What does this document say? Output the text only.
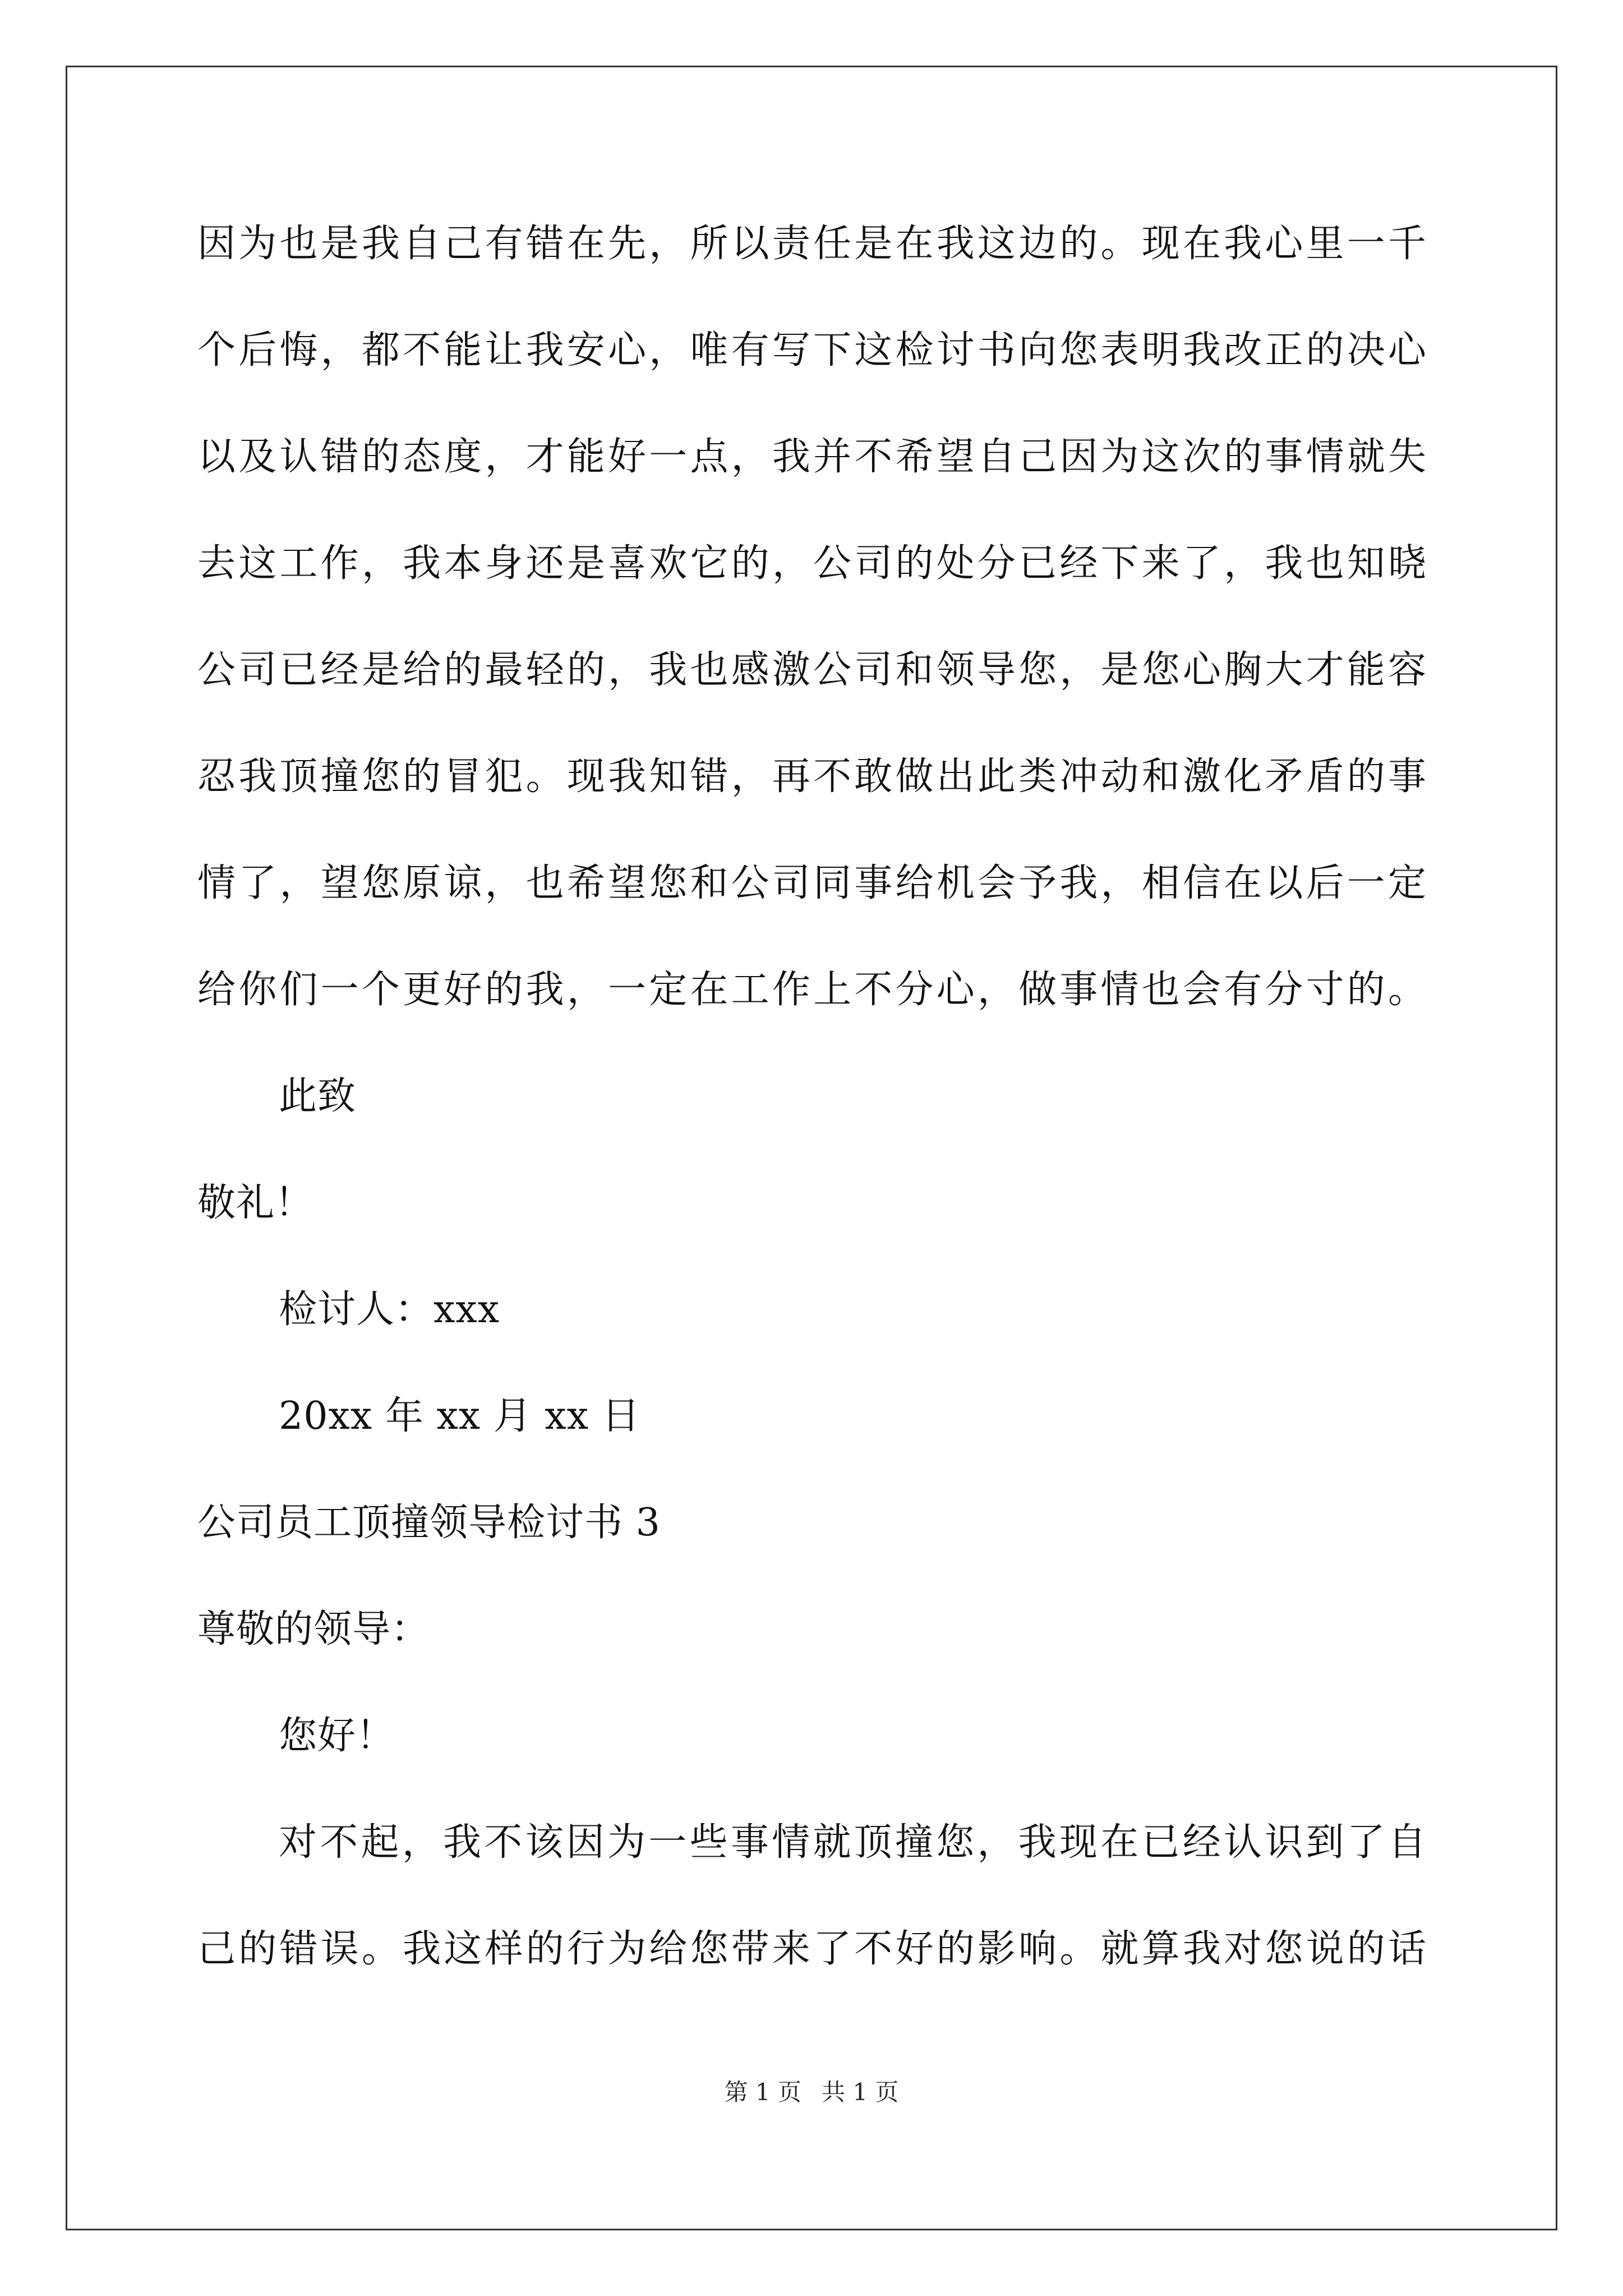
因为也是我自己有错在先，所以责任是在我这边的。现在我心里一千
个后悔，都不能让我安心，唯有写下这检讨书向您表明我改正的决心
以及认错的态度，才能好一点，我并不希望自己因为这次的事情就失
去这工作，我本身还是喜欢它的，公司的处分已经下来了，我也知晓
公司已经是给的最轻的，我也感激公司和领导您，是您心胸大才能容
忍我顶撞您的冒犯。现我知错，再不敢做出此类冲动和激化矛盾的事
情了，望您原谅，也希望您和公司同事给机会予我，相信在以后一定
给你们一个更好的我，一定在工作上不分心，做事情也会有分寸的。
此致
敬礼！
检讨人：xxx
20xx 年 xx 月 xx 日
公司员工顶撞领导检讨书 3
尊敬的领导：
您好！
对不起，我不该因为一些事情就顶撞您，我现在已经认识到了自
己的错误。我这样的行为给您带来了不好的影响。就算我对您说的话
第 1 页 共 1 页
